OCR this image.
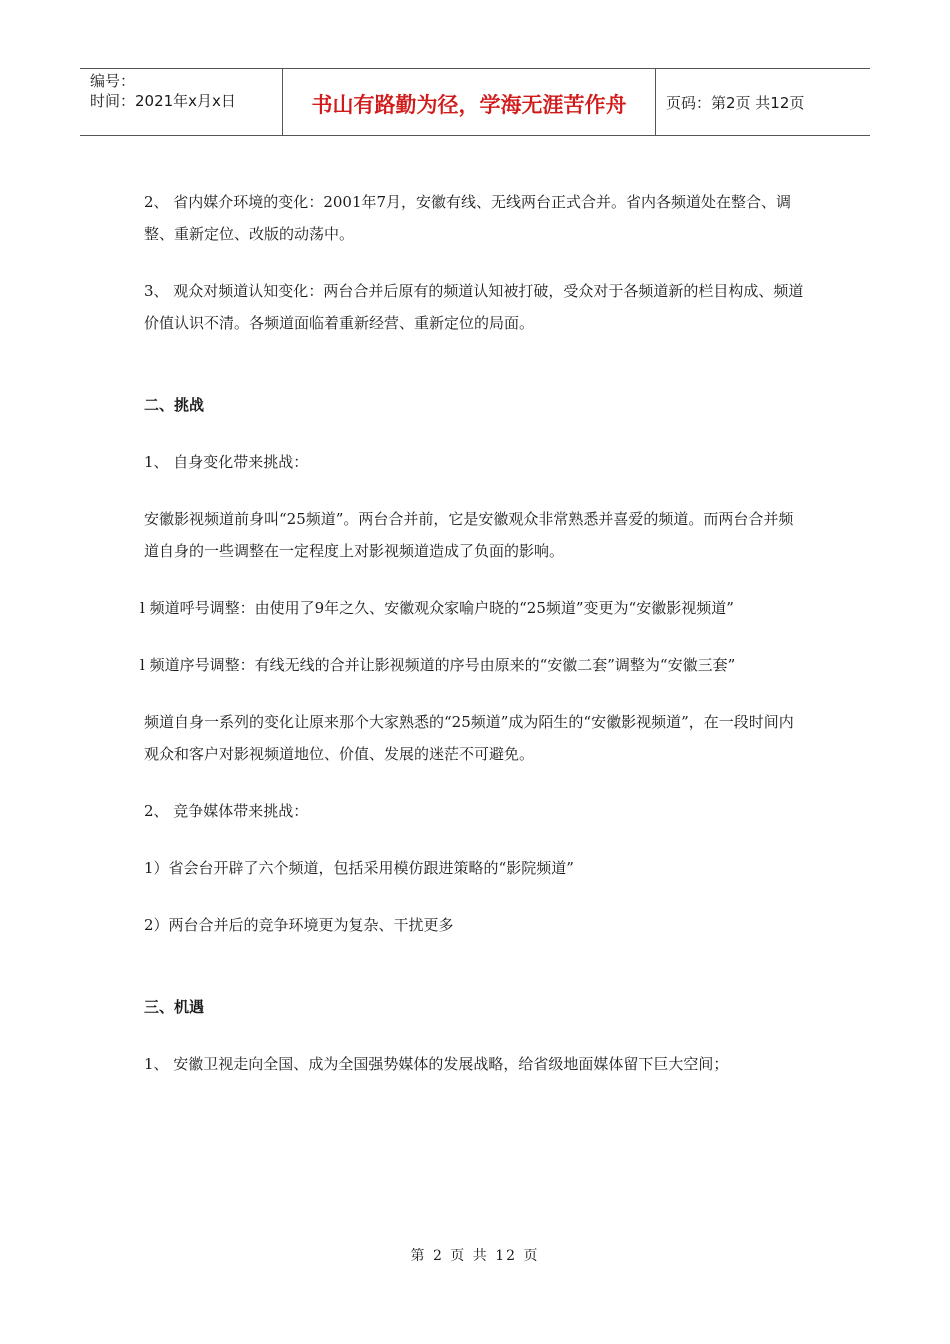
编号：
时间：2021年x月x日	书山有路勤为径，学海无涯苦作舟	页码：第2页 共12页

2、 省内媒介环境的变化：2001年7月，安徽有线、无线两台正式合并。省内各频道处在整合、调整、重新定位、改版的动荡中。

3、 观众对频道认知变化：两台合并后原有的频道认知被打破，受众对于各频道新的栏目构成、频道价值认识不清。各频道面临着重新经营、重新定位的局面。

二、挑战

1、 自身变化带来挑战：

安徽影视频道前身叫“25频道”。两台合并前，它是安徽观众非常熟悉并喜爱的频道。而两台合并频道自身的一些调整在一定程度上对影视频道造成了负面的影响。

l 频道呼号调整：由使用了9年之久、安徽观众家喻户晓的“25频道”变更为“安徽影视频道”

l 频道序号调整：有线无线的合并让影视频道的序号由原来的“安徽二套”调整为“安徽三套”

频道自身一系列的变化让原来那个大家熟悉的“25频道”成为陌生的“安徽影视频道”，在一段时间内观众和客户对影视频道地位、价值、发展的迷茫不可避免。

2、 竞争媒体带来挑战：

1）省会台开辟了六个频道，包括采用模仿跟进策略的“影院频道”

2）两台合并后的竞争环境更为复杂、干扰更多

三、机遇

1、 安徽卫视走向全国、成为全国强势媒体的发展战略，给省级地面媒体留下巨大空间；

第 2 页 共 12 页
